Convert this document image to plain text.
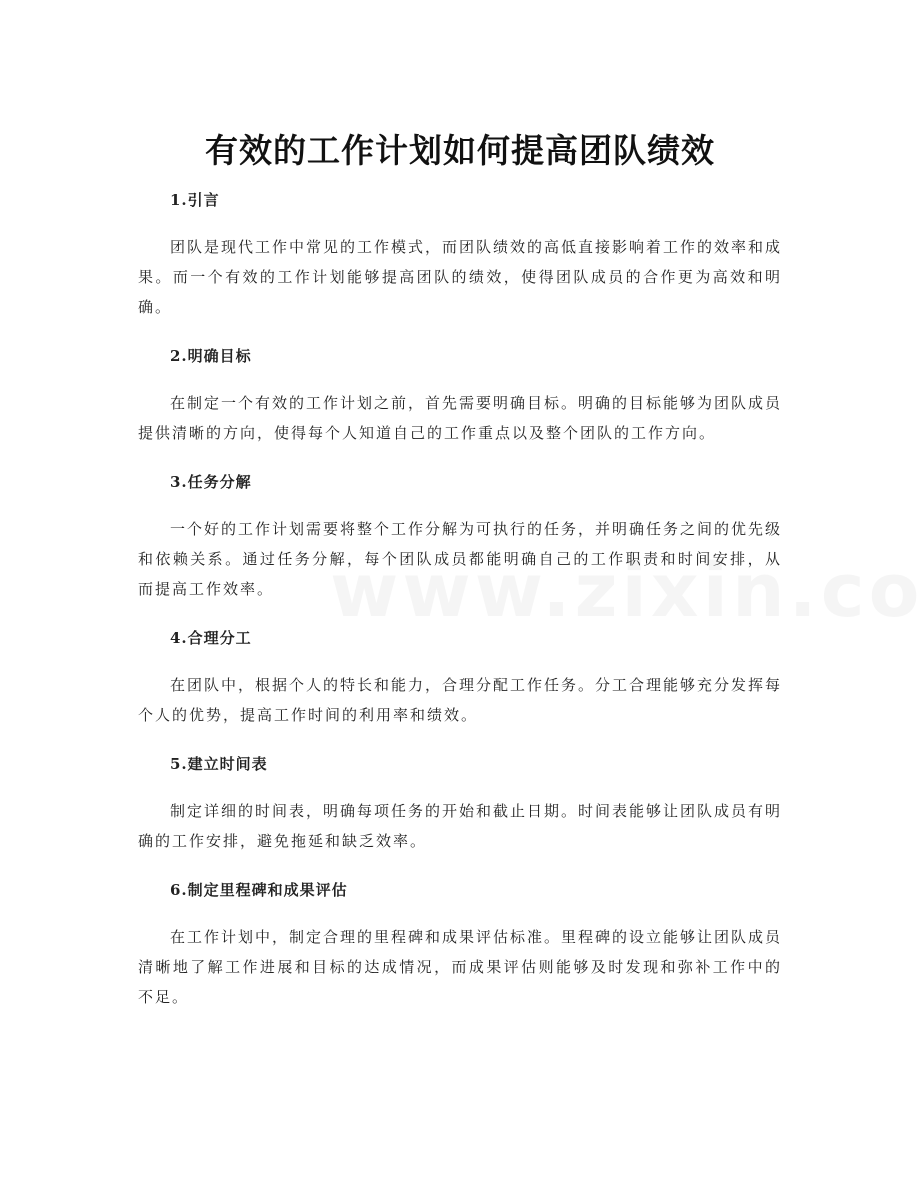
有效的工作计划如何提高团队绩效
1.引言

团队是现代工作中常见的工作模式，而团队绩效的高低直接影响着工作的效率和成果。而一个有效的工作计划能够提高团队的绩效，使得团队成员的合作更为高效和明确。

2.明确目标

在制定一个有效的工作计划之前，首先需要明确目标。明确的目标能够为团队成员提供清晰的方向，使得每个人知道自己的工作重点以及整个团队的工作方向。

3.任务分解

一个好的工作计划需要将整个工作分解为可执行的任务，并明确任务之间的优先级和依赖关系。通过任务分解，每个团队成员都能明确自己的工作职责和时间安排，从而提高工作效率。

4.合理分工

在团队中，根据个人的特长和能力，合理分配工作任务。分工合理能够充分发挥每个人的优势，提高工作时间的利用率和绩效。

5.建立时间表

制定详细的时间表，明确每项任务的开始和截止日期。时间表能够让团队成员有明确的工作安排，避免拖延和缺乏效率。

6.制定里程碑和成果评估

在工作计划中，制定合理的里程碑和成果评估标准。里程碑的设立能够让团队成员清晰地了解工作进展和目标的达成情况，而成果评估则能够及时发现和弥补工作中的不足。
